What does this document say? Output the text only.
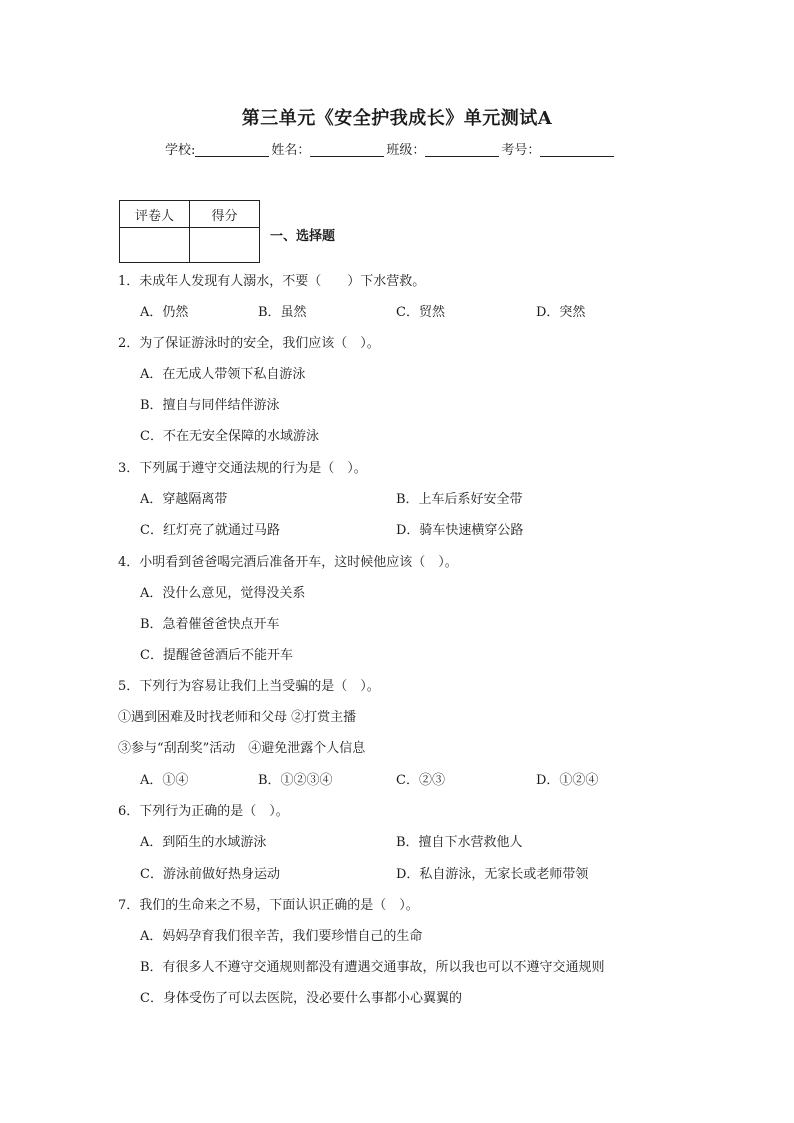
第三单元《安全护我成长》单元测试A
学校:	姓名：	班级：	考号：
评卷人	得分

一、选择题
1．未成年人发现有人溺水，不要（　　）下水营救。
A．仍然	B．虽然	C．贸然	D．突然
2．为了保证游泳时的安全，我们应该（　）。
A．在无成人带领下私自游泳
B．擅自与同伴结伴游泳
C．不在无安全保障的水域游泳
3．下列属于遵守交通法规的行为是（　）。
A．穿越隔离带	B．上车后系好安全带
C．红灯亮了就通过马路	D．骑车快速横穿公路
4．小明看到爸爸喝完酒后准备开车，这时候他应该（　）。
A．没什么意见，觉得没关系
B．急着催爸爸快点开车
C．提醒爸爸酒后不能开车
5．下列行为容易让我们上当受骗的是（　）。
①遇到困难及时找老师和父母 ②打赏主播
③参与“刮刮奖”活动　④避免泄露个人信息
A．①④	B．①②③④	C．②③	D．①②④
6．下列行为正确的是（　）。
A．到陌生的水域游泳	B．擅自下水营救他人
C．游泳前做好热身运动	D．私自游泳，无家长或老师带领
7．我们的生命来之不易，下面认识正确的是（　）。
A．妈妈孕育我们很辛苦，我们要珍惜自己的生命
B．有很多人不遵守交通规则都没有遭遇交通事故，所以我也可以不遵守交通规则
C．身体受伤了可以去医院，没必要什么事都小心翼翼的
